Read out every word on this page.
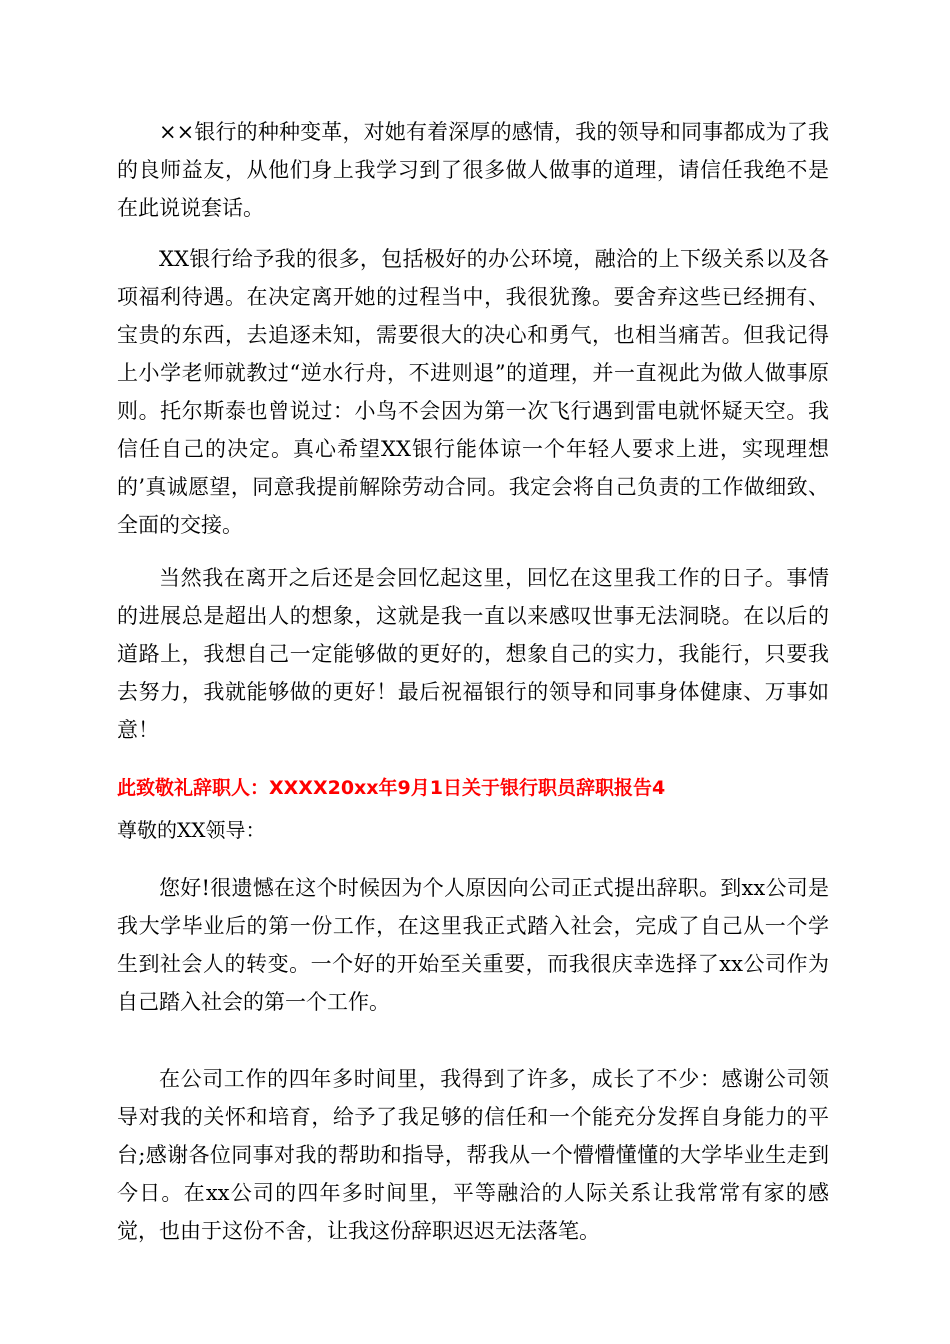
××银行的种种变革，对她有着深厚的感情，我的领导和同事都成为了我的良师益友，从他们身上我学习到了很多做人做事的道理，请信任我绝不是在此说说套话。

XX银行给予我的很多，包括极好的办公环境，融洽的上下级关系以及各项福利待遇。在决定离开她的过程当中，我很犹豫。要舍弃这些已经拥有、宝贵的东西，去追逐未知，需要很大的决心和勇气，也相当痛苦。但我记得上小学老师就教过“逆水行舟，不进则退”的道理，并一直视此为做人做事原则。托尔斯泰也曾说过：小鸟不会因为第一次飞行遇到雷电就怀疑天空。我信任自己的决定。真心希望XX银行能体谅一个年轻人要求上进，实现理想的’真诚愿望，同意我提前解除劳动合同。我定会将自己负责的工作做细致、全面的交接。

当然我在离开之后还是会回忆起这里，回忆在这里我工作的日子。事情的进展总是超出人的想象，这就是我一直以来感叹世事无法洞晓。在以后的道路上，我想自己一定能够做的更好的，想象自己的实力，我能行，只要我去努力，我就能够做的更好！最后祝福银行的领导和同事身体健康、万事如意！

此致敬礼辞职人：XXXX20xx年9月1日关于银行职员辞职报告4

尊敬的XX领导：

您好!很遗憾在这个时候因为个人原因向公司正式提出辞职。到xx公司是我大学毕业后的第一份工作，在这里我正式踏入社会，完成了自己从一个学生到社会人的转变。一个好的开始至关重要，而我很庆幸选择了xx公司作为自己踏入社会的第一个工作。

在公司工作的四年多时间里，我得到了许多，成长了不少：感谢公司领导对我的关怀和培育，给予了我足够的信任和一个能充分发挥自身能力的平台;感谢各位同事对我的帮助和指导，帮我从一个懵懵懂懂的大学毕业生走到今日。在xx公司的四年多时间里，平等融洽的人际关系让我常常有家的感觉，也由于这份不舍，让我这份辞职迟迟无法落笔。
